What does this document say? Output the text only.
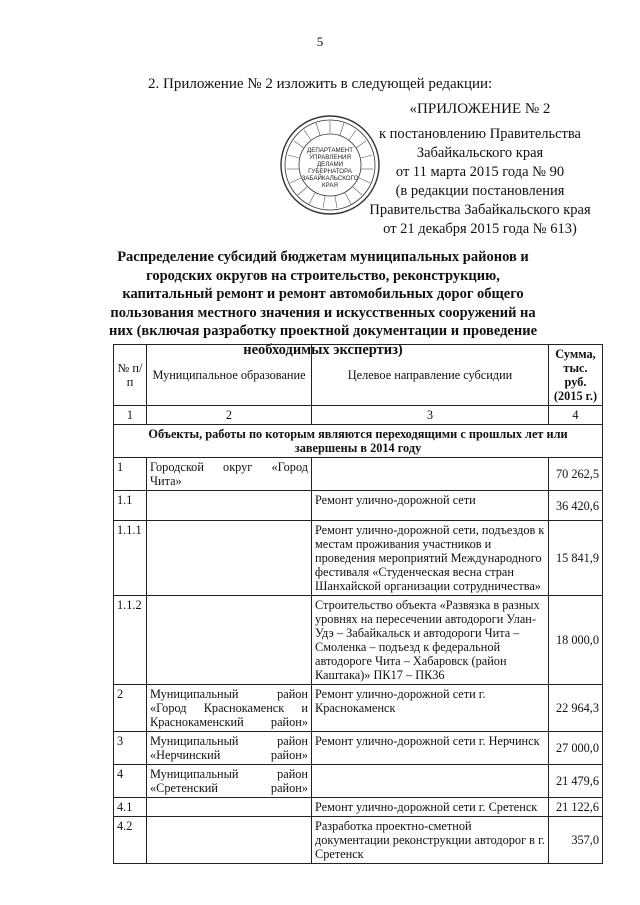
5
2. Приложение № 2 изложить в следующей редакции:
«ПРИЛОЖЕНИЕ № 2
к постановлению Правительства
Забайкальского края
от 11 марта 2015 года № 90
(в редакции постановления
Правительства Забайкальского края
от 21 декабря 2015 года № 613)
ДЕПАРТАМЕНТ
УПРАВЛЕНИЯ
ДЕЛАМИ
ГУБЕРНАТОРА
ЗАБАЙКАЛЬСКОГО
КРАЯ
Распределение субсидий бюджетам муниципальных районов и городских округов на строительство, реконструкцию, капитальный ремонт и ремонт автомобильных дорог общего пользования местного значения и искусственных сооружений на них (включая разработку проектной документации и проведение необходимых экспертиз)
№ п/п	Муниципальное образование	Целевое направление субсидии	Сумма, тыс. руб. (2015 г.)
1	2	3	4
Объекты, работы по которым являются переходящими с прошлых лет или завершены в 2014 году			
1	Городской округ «Город Чита»		70 262,5
1.1		Ремонт улично-дорожной сети	36 420,6
1.1.1		Ремонт улично-дорожной сети, подъездов к местам проживания участников и проведения мероприятий Международного фестиваля «Студенческая весна стран Шанхайской организации сотрудничества»	15 841,9
1.1.2		Строительство объекта «Развязка в разных уровнях на пересечении автодороги Улан-Удэ – Забайкальск и автодороги Чита – Смоленка – подъезд к федеральной автодороге Чита – Хабаровск (район Каштака)» ПК17 – ПК36	18 000,0
2	Муниципальный район «Город Краснокаменск и Краснокаменский район»	Ремонт улично-дорожной сети г. Краснокаменск	22 964,3
3	Муниципальный район «Нерчинский район»	Ремонт улично-дорожной сети г. Нерчинск	27 000,0
4	Муниципальный район «Сретенский район»		21 479,6
4.1		Ремонт улично-дорожной сети г. Сретенск	21 122,6
4.2		Разработка проектно-сметной документации реконструкции автодорог в г. Сретенск	357,0
